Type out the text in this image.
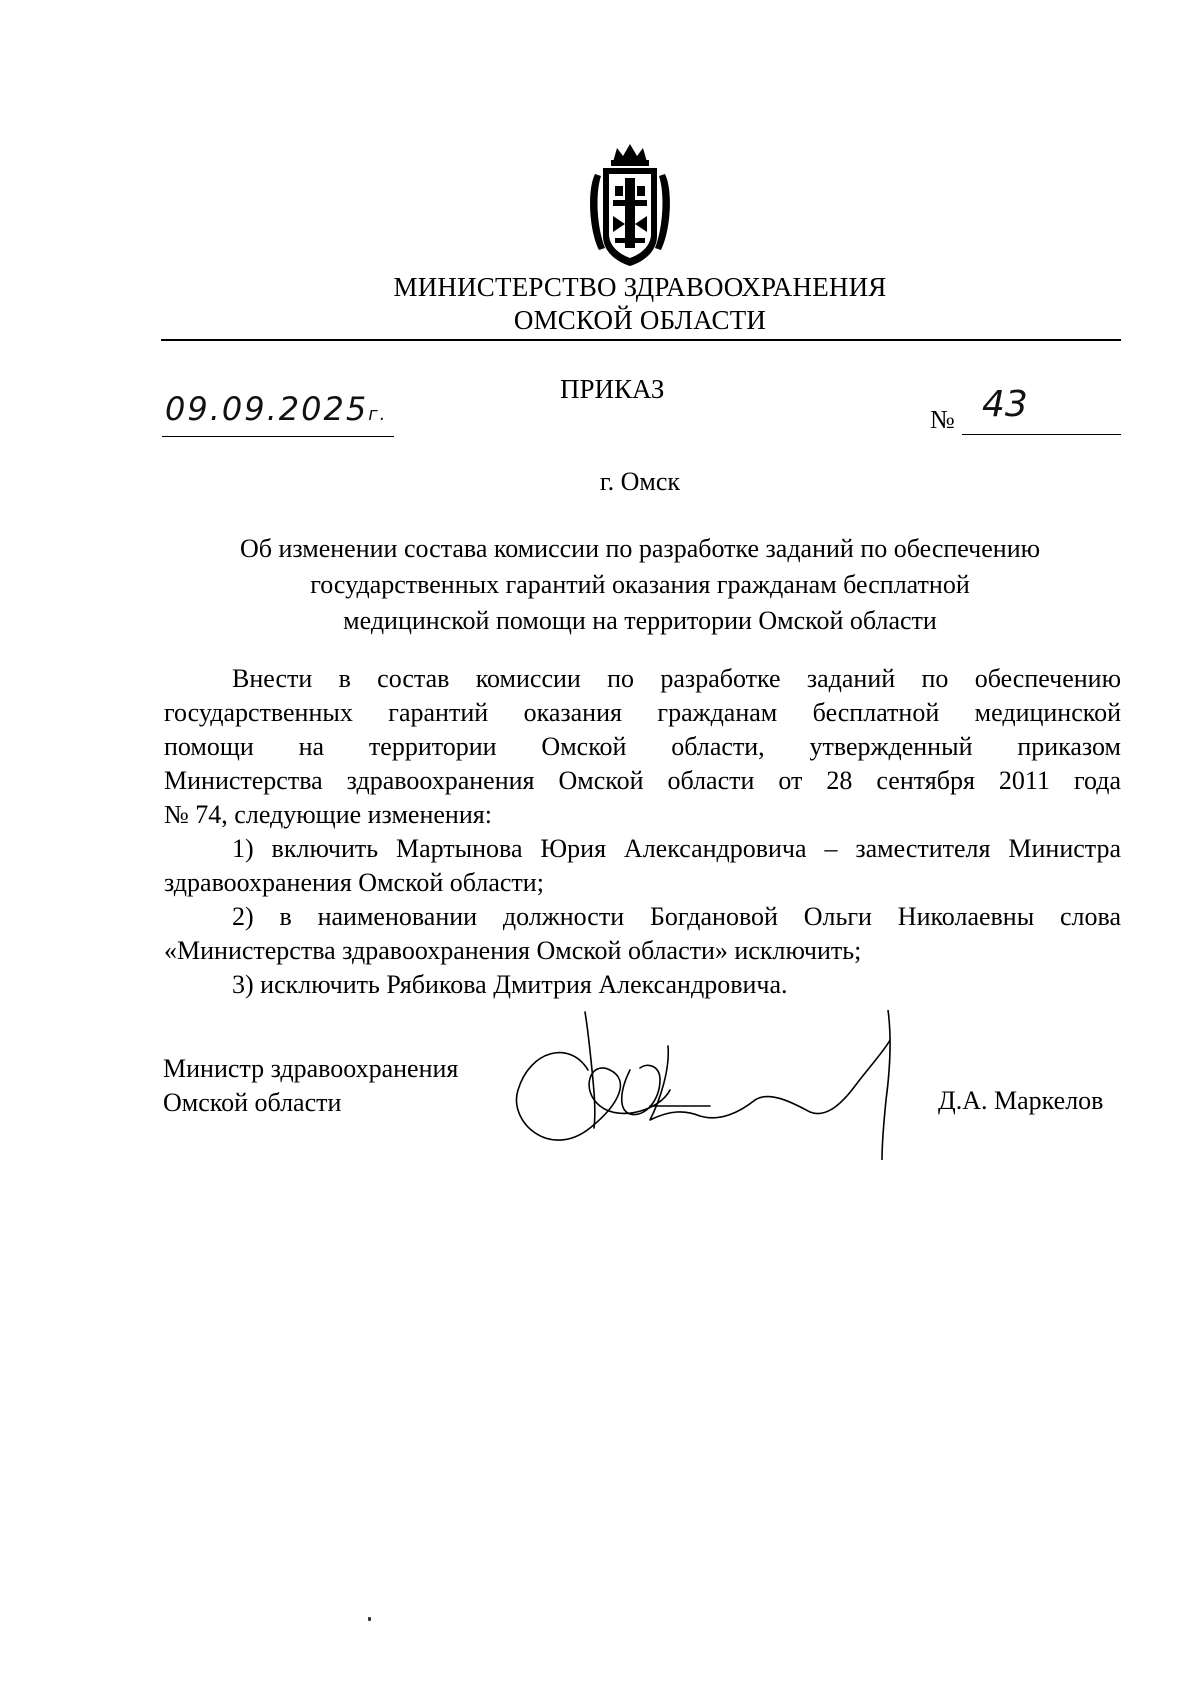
МИНИСТЕРСТВО ЗДРАВООХРАНЕНИЯ
ОМСКОЙ ОБЛАСТИ
ПРИКАЗ
09.09.2025г.	№ 43
г. Омск
Об изменении состава комиссии по разработке заданий по обеспечению
государственных гарантий оказания гражданам бесплатной
медицинской помощи на территории Омской области
Внести в состав комиссии по разработке заданий по обеспечению
государственных гарантий оказания гражданам бесплатной медицинской
помощи на территории Омской области, утвержденный приказом
Министерства здравоохранения Омской области от 28 сентября 2011 года
№ 74, следующие изменения:
1) включить Мартынова Юрия Александровича – заместителя Министра
здравоохранения Омской области;
2) в наименовании должности Богдановой Ольги Николаевны слова
«Министерства здравоохранения Омской области» исключить;
3) исключить Рябикова Дмитрия Александровича.
Министр здравоохранения
Омской области	Д.А. Маркелов
